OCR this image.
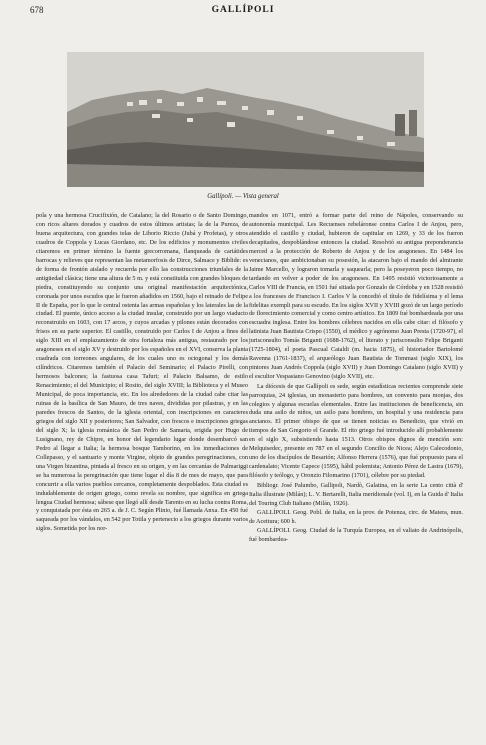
678	GALLÍPOLI
Gallípoli. — Vista general

pola y una hermosa Crucifixión, de Catalano; la del Rosario o de Santo Domingo, con ricos altares dorados y cuadros de estos últimos artistas; la de la Pureza, de buena arquitectura, con grandes telas de Liborio Riccio (Jubá y Profetas), y otros cuadros de Coppola y Lucas Giordano, etc. De los edificios y monumentos civiles citaremos en primer término la fuente grecorromana, flanqueada de cariátides barrocas y relieves que representan las metamorfosis de Dirce, Salmace y Biblide: es de forma de frontón aislado y recuerda por ello las construcciones triunfales de la antigüedad clásica; tiene una altura de 5 m. y está constituida con grandes bloques de piedra, constituyendo su conjunto una original manifestación arquitectónica, coronada por unos escudos que le fueron añadidos en 1560, bajo el reinado de Felipe II de España, por lo que le central ostenta las armas españolas y los laterales las de la ciudad. El puente, único acceso a la ciudad insular, construido por un largo viaducto reconstruido en 1603, con 17 arcos, y cuyos arcadas y pilones están decorados con frisos en su parte superior. El castillo, construido por Carlos I de Anjou a fines del siglo XIII en el emplazamiento de otra fortaleza más antigua, restaurado por los aragoneses en el siglo XV y destruido por los españoles en el XVI, conserva la planta cuadrada con torreones angulares, de los cuales uno es octogonal y los demás cilíndricos. Citaremos también el Palacio del Seminario; el Palacio Pirelli, con hermosos balcones; la fastuosa casa Tafuri; el Palacio Balsamo, de estilo Renacimiento; el del Municipio; el Rosito, del siglo XVIII; la Biblioteca y el Museo Municipal, de poca importancia, etc. En los alrededores de la ciudad cabe citar las ruinas de la basílica de San Mauro, de tres naves, divididas por pilastras, y en las paredes frescos de Santos, de la iglesia oriental, con inscripciones en caracteres griegos del siglo XII y posteriores; San Salvador, con frescos e inscripciones griegas del siglo X; la iglesia románica de San Pedro de Samaria, erigida por Hugo de Lusignano, rey de Chipre, en honor del legendario lugar donde desembarcó san Pedro al llegar a Italia; la hermosa bosque Tamborino, en los inmediaciones de Collepasso, y el santuario y monte Virgine, objeto de grandes peregrinaciones, con una Virgen bizantina, pintada al fresco en su origen, y en las cercanías de Palmariggi se ha numerosa la peregrinación que tiene lugar el día 8 de mes de mayo, que para concurrir a ella varios pueblos cercanos, completamente despoblados. Esta ciudad es indudablemente de origen griego, como revela su nombre, que significa en griega lengua Ciudad hermosa; sábese que llegó allí desde Tarento en su lucha contra Roma, y conquistada por ésta en 265 a. de J. C. Según Plinio, fué llamada Anxa. En 450 fué saqueada por los vándalos, en 542 por Totila y pertenecio a los griegos durante varios siglos. Sometida por los nor-

mandos en 1071, entró a formar parte del reino de Nápoles, conservando su autonomía municipal. Les Recuenses rebeláronse contra Carlos I de Anjou, pero, atendido el castillo y ciudad, hubieron de capitular en 1269, y 33 de los fueron decapitados, despoblándose entonces la ciudad. Resolvió su antigua preponderancia merced a la protección de Roberto de Anjou y de los aragoneses. En 1484 los venecianos, que ambicionaban su posesión, la atacaron bajo el mando del almirante Jaime Marcello, y lograron tomarla y saquearla; pero la poseyeron poco tiempo, no tardando en volver a poder de los aragoneses. En 1495 resistió victoriosamente a Carlos VIII de Francia, en 1501 fué sitiada por Gonzalo de Córdoba y en 1528 resistió a los franceses de Francisco I. Carlos V la concedió el título de fidelísima y el lema fidelitas exempli para su escudo. En los siglos XVII y XVIII gozó de un largo período de florecimiento comercial y como centro artístico. En 1809 fué bombardeada por una escuadra inglesa. Entre los hombres célebres nacidos en ella cabe citar: el filósofo y latinista Juan Bautista Crispo (1550), el médico y agrónomo Juan Presta (1720-97), el jurisconsulto Tomás Briganti (1688-1762), el literato y jurisconsulto Felipe Briganti (1725-1804), el poeta Pascual Cataldi (m. hacia 1875), el historiador Bartolomé Ravenna (1761-1837), el arqueólogo Juan Bautista de Tommasi (siglo XIX), los pintores Juan Andrés Coppola (siglo XVII) y Juan Domingo Catalano (siglo XVII) y el escultor Vespasiano Genovino (siglo XVII), etc.

La diócesis de que Gallípoli es sede, según estadísticas recientes comprende siete parroquias, 24 iglesias, un monasterio para hombres, un convento para monjas, dos colegios y algunas escuelas elementales. Entre las instituciones de beneficencia, sin duda una asilo de niños, un asilo para hombres, un hospital y una residencia para ancianos. El primer obispo de que se tienen noticias es Benedicto, que vivió en tiempos de San Gregorio el Grande. El rito griego fué introducido allí probablemente en el siglo X, subsistiendo hasta 1513. Otros obispos dignos de mención son: Melquisedec, presente en 787 en el segundo Concilio de Nicea; Alejo Calecodonio, uno de los discípulos de Besarión; Alfonso Herrera (1576), que fué propuesto para el cardenalato; Vicente Capece (1595), hábil polemista; Antonio Pérez de Lastra (1679), filósofo y teólogo, y Oronzio Filomarino (1701), célebre por su piedad.

Bibliogr. José Palumbo, Gallipoli, Nardò, Galatina, en la serie La cento città d' Italia illustrate (Milán); L. V. Bertarelli, Italia meridionale (vol. I), en la Guida d' Italia del Touring Club Italiano (Milán, 1926).

GALLÍPOLI. Geog. Pobl. de Italia, en la prov. de Potenza, circ. de Matera, mun. de Acettura; 600 h.

GALLÍPOLI. Geog. Ciudad de la Turquía Europea, en el valiato de Andrinópolis, fué bombardea-
